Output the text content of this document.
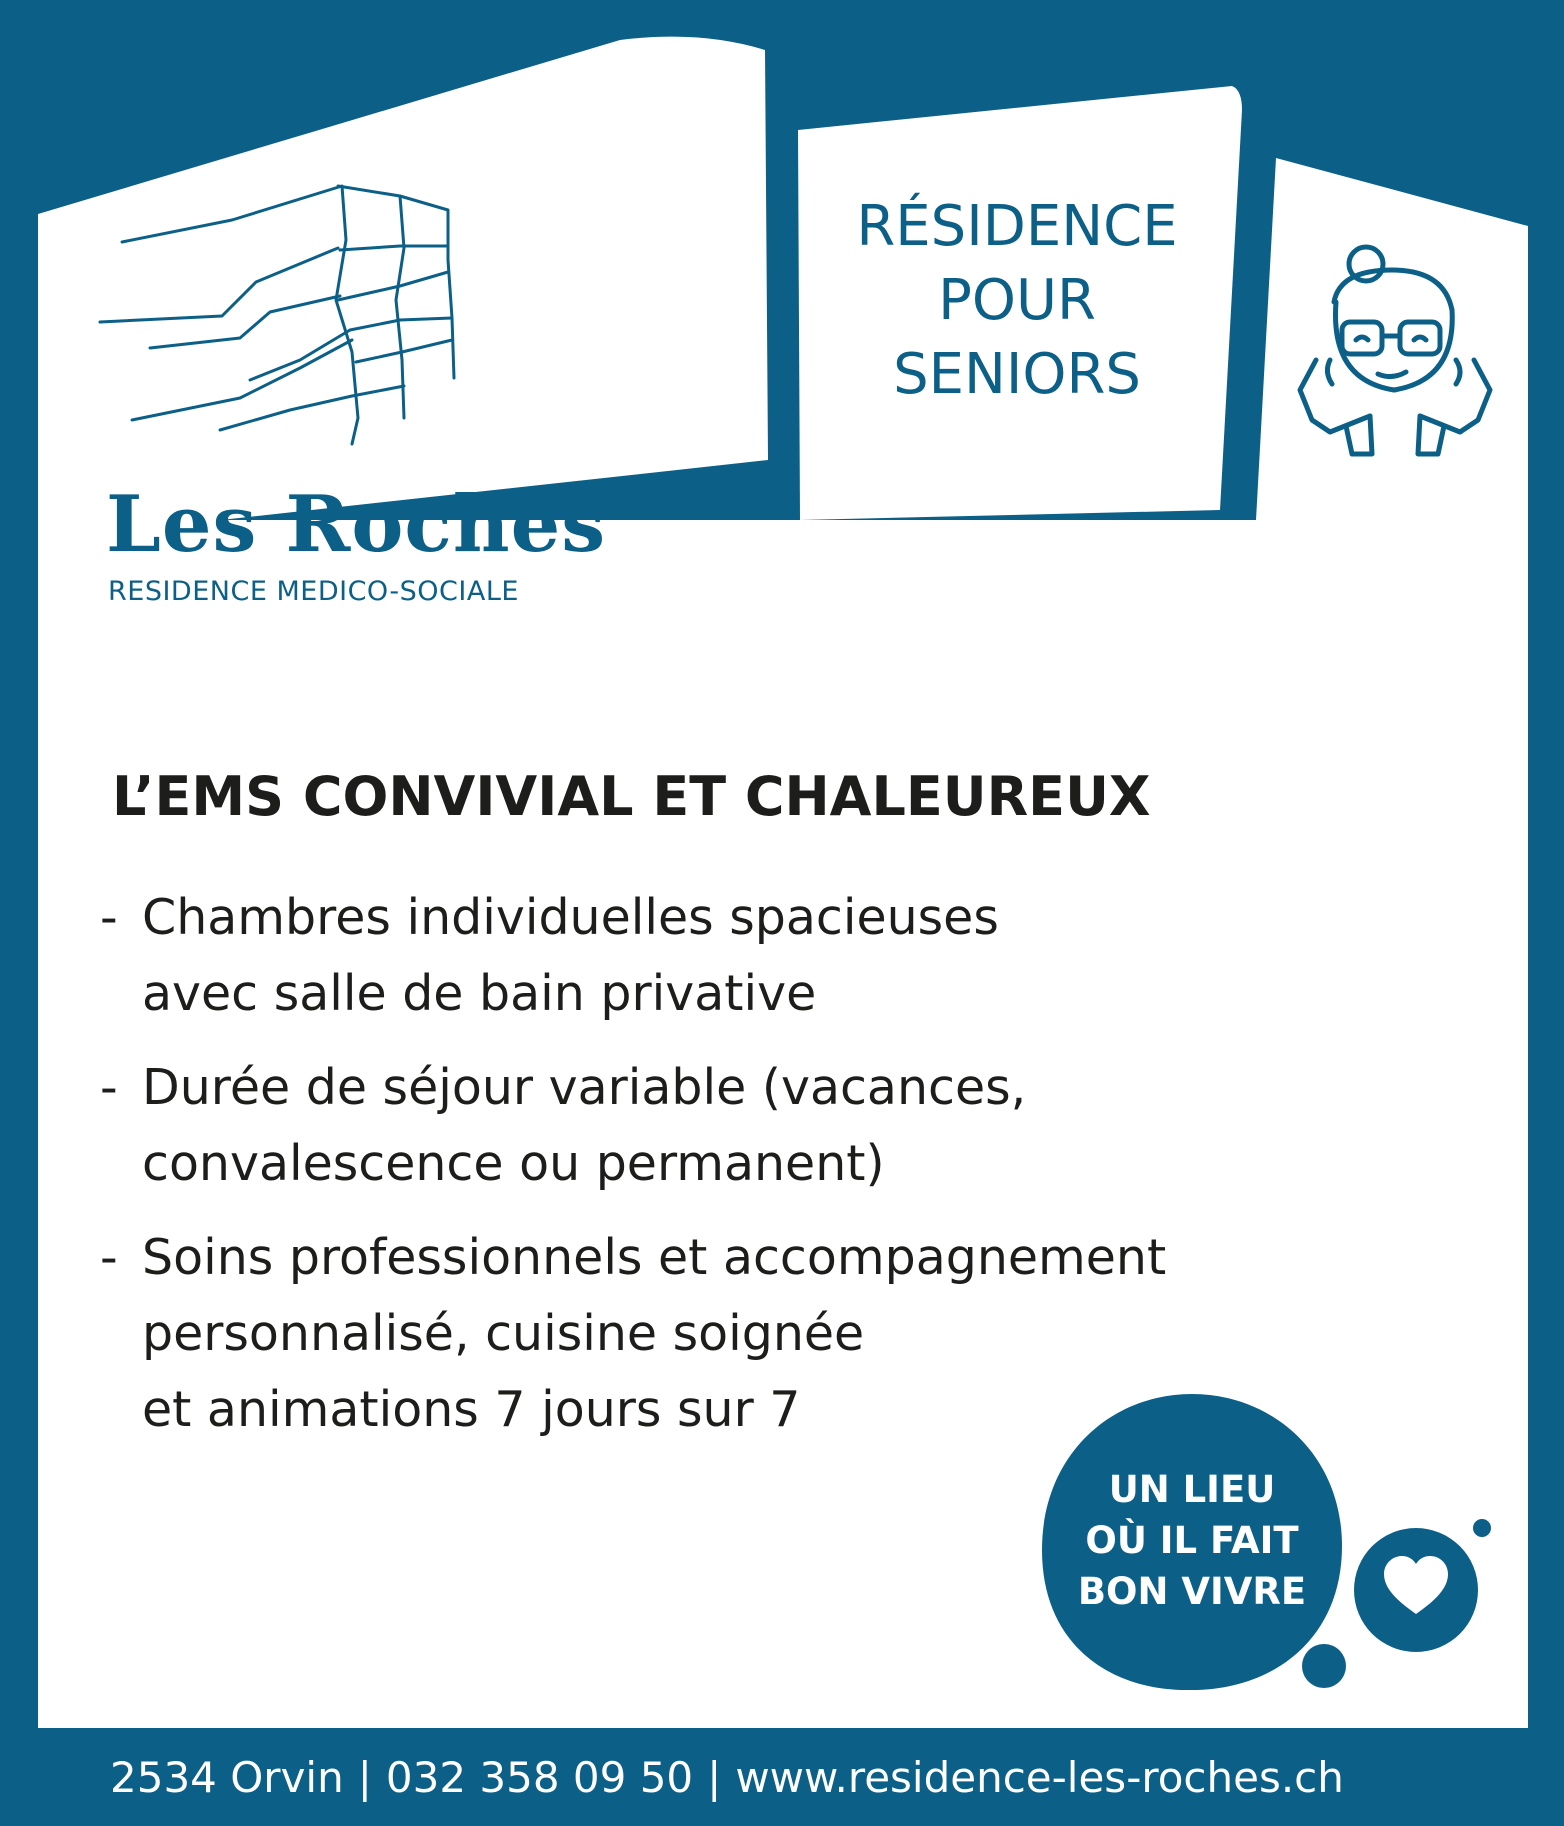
RÉSIDENCE
POUR
SENIORS
Les Roches
RESIDENCE MEDICO-SOCIALE
L’EMS CONVIVIAL ET CHALEUREUX
- Chambres individuelles spacieuses
avec salle de bain privative
- Durée de séjour variable (vacances,
convalescence ou permanent)
- Soins professionnels et accompagnement
personnalisé, cuisine soignée
et animations 7 jours sur 7
UN LIEU
OÙ IL FAIT
BON VIVRE
2534 Orvin | 032 358 09 50 | www.residence-les-roches.ch
